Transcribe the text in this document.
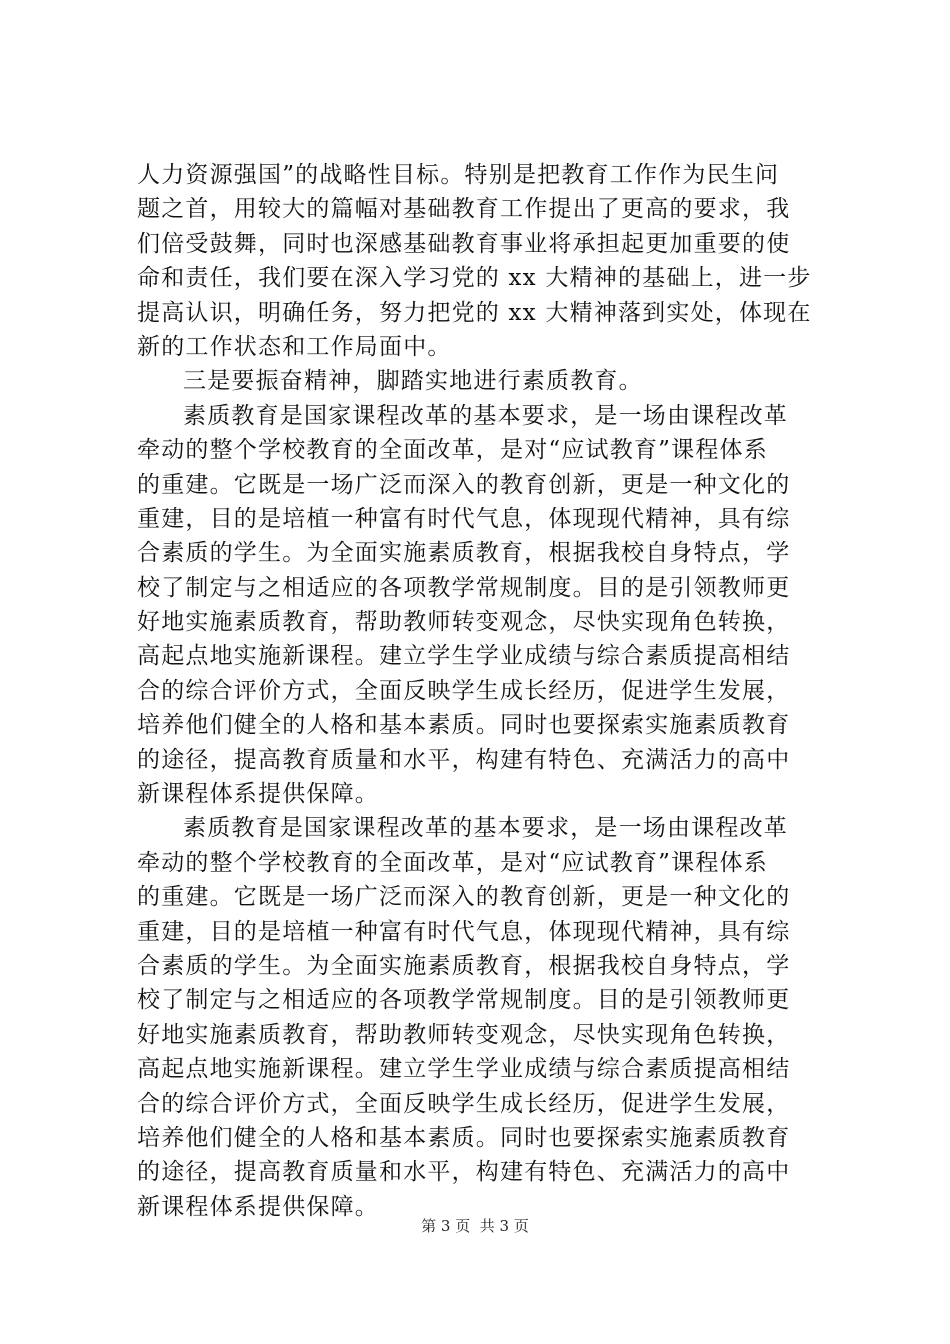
人力资源强国”的战略性目标。特别是把教育工作作为民生问
题之首，用较大的篇幅对基础教育工作提出了更高的要求，我
们倍受鼓舞，同时也深感基础教育事业将承担起更加重要的使
命和责任，我们要在深入学习党的 xx 大精神的基础上，进一步
提高认识，明确任务，努力把党的 xx 大精神落到实处，体现在
新的工作状态和工作局面中。
三是要振奋精神，脚踏实地进行素质教育。
素质教育是国家课程改革的基本要求，是一场由课程改革
牵动的整个学校教育的全面改革，是对“应试教育”课程体系
的重建。它既是一场广泛而深入的教育创新，更是一种文化的
重建，目的是培植一种富有时代气息，体现现代精神，具有综
合素质的学生。为全面实施素质教育，根据我校自身特点，学
校了制定与之相适应的各项教学常规制度。目的是引领教师更
好地实施素质教育，帮助教师转变观念，尽快实现角色转换，
高起点地实施新课程。建立学生学业成绩与综合素质提高相结
合的综合评价方式，全面反映学生成长经历，促进学生发展，
培养他们健全的人格和基本素质。同时也要探索实施素质教育
的途径，提高教育质量和水平，构建有特色、充满活力的高中
新课程体系提供保障。
素质教育是国家课程改革的基本要求，是一场由课程改革
牵动的整个学校教育的全面改革，是对“应试教育”课程体系
的重建。它既是一场广泛而深入的教育创新，更是一种文化的
重建，目的是培植一种富有时代气息，体现现代精神，具有综
合素质的学生。为全面实施素质教育，根据我校自身特点，学
校了制定与之相适应的各项教学常规制度。目的是引领教师更
好地实施素质教育，帮助教师转变观念，尽快实现角色转换，
高起点地实施新课程。建立学生学业成绩与综合素质提高相结
合的综合评价方式，全面反映学生成长经历，促进学生发展，
培养他们健全的人格和基本素质。同时也要探索实施素质教育
的途径，提高教育质量和水平，构建有特色、充满活力的高中
新课程体系提供保障。
第 3 页  共 3 页
